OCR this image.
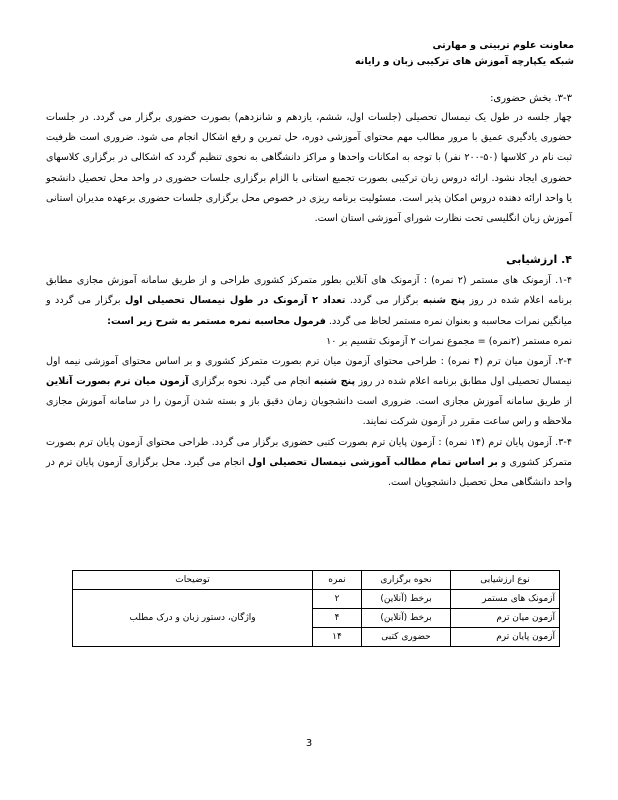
معاونت علوم تربیتی و مهارتی
شبکه یکپارچه آموزش های ترکیبی زبان و رایانه
۳-۳. بخش حضوری:

چهار جلسه در طول یک نیمسال تحصیلی (جلسات اول، ششم، یازدهم و شانزدهم) بصورت حضوری برگزار می گردد. در جلسات حضوری یادگیری عمیق با مرور مطالب مهم محتوای آموزشی دوره، حل تمرین و رفع اشکال انجام می شود. ضروری است ظرفیت ثبت نام در کلاسها (۵۰-۲۰۰ نفر) با توجه به امکانات واحدها و مراکز دانشگاهی به نحوی تنظیم گردد که اشکالی در برگزاری کلاسهای حضوری ایجاد نشود. ارائه دروس زبان ترکیبی بصورت تجمیع استانی با الزام برگزاری جلسات حضوری در واحد محل تحصیل دانشجو یا واحد ارائه دهنده دروس امکان پذیر است. مسئولیت برنامه ریزی در خصوص محل برگزاری جلسات حضوری برعهده مدیران استانی آموزش زبان انگلیسی تحت نظارت شورای آموزشی استان است.

۴. ارزشیابی

۱-۴. آزمونک های مستمر (۲ نمره) : آزمونک های آنلاین بطور متمرکز کشوری طراحی و از طریق سامانه آموزش مجازی مطابق برنامه اعلام شده در روز پنج شنبه برگزار می گردد. تعداد ۲ آزمونک در طول نیمسال تحصیلی اول برگزار می گردد و میانگین نمرات محاسبه و بعنوان نمره مستمر لحاظ می گردد. فرمول محاسبه نمره مستمر به شرح زیر است:

نمره مستمر (۲نمره) = مجموع نمرات ۲ آزمونک تقسیم بر ۱۰

۲-۴. آزمون میان ترم (۴ نمره) : طراحی محتوای آزمون میان ترم بصورت متمرکز کشوری و بر اساس محتوای آموزشی نیمه اول نیمسال تحصیلی اول مطابق برنامه اعلام شده در روز پنج شنبه انجام می گیرد. نحوه برگزاری آزمون میان ترم بصورت آنلاین از طریق سامانه آموزش مجازی است. ضروری است دانشجویان زمان دقیق باز و بسته شدن آزمون را در سامانه آموزش مجازی ملاحظه و راس ساعت مقرر در آزمون شرکت نمایند.

۳-۴. آزمون پایان ترم (۱۴ نمره) : آزمون پایان ترم بصورت کتبی حضوری برگزار می گردد. طراحی محتوای آزمون پایان ترم بصورت متمرکز کشوری و بر اساس تمام مطالب آموزشی نیمسال تحصیلی اول انجام می گیرد. محل برگزاری آزمون پایان ترم در واحد دانشگاهی محل تحصیل دانشجویان است.

نوع ارزشیابی	نحوه برگزاری	نمره	توضیحات
آزمونک های مستمر	برخط (آنلاین)	۲	واژگان، دستور زبان و درک مطلب
آزمون میان ترم	برخط (آنلاین)	۴	
آزمون پایان ترم	حضوری کتبی	۱۴	
3
